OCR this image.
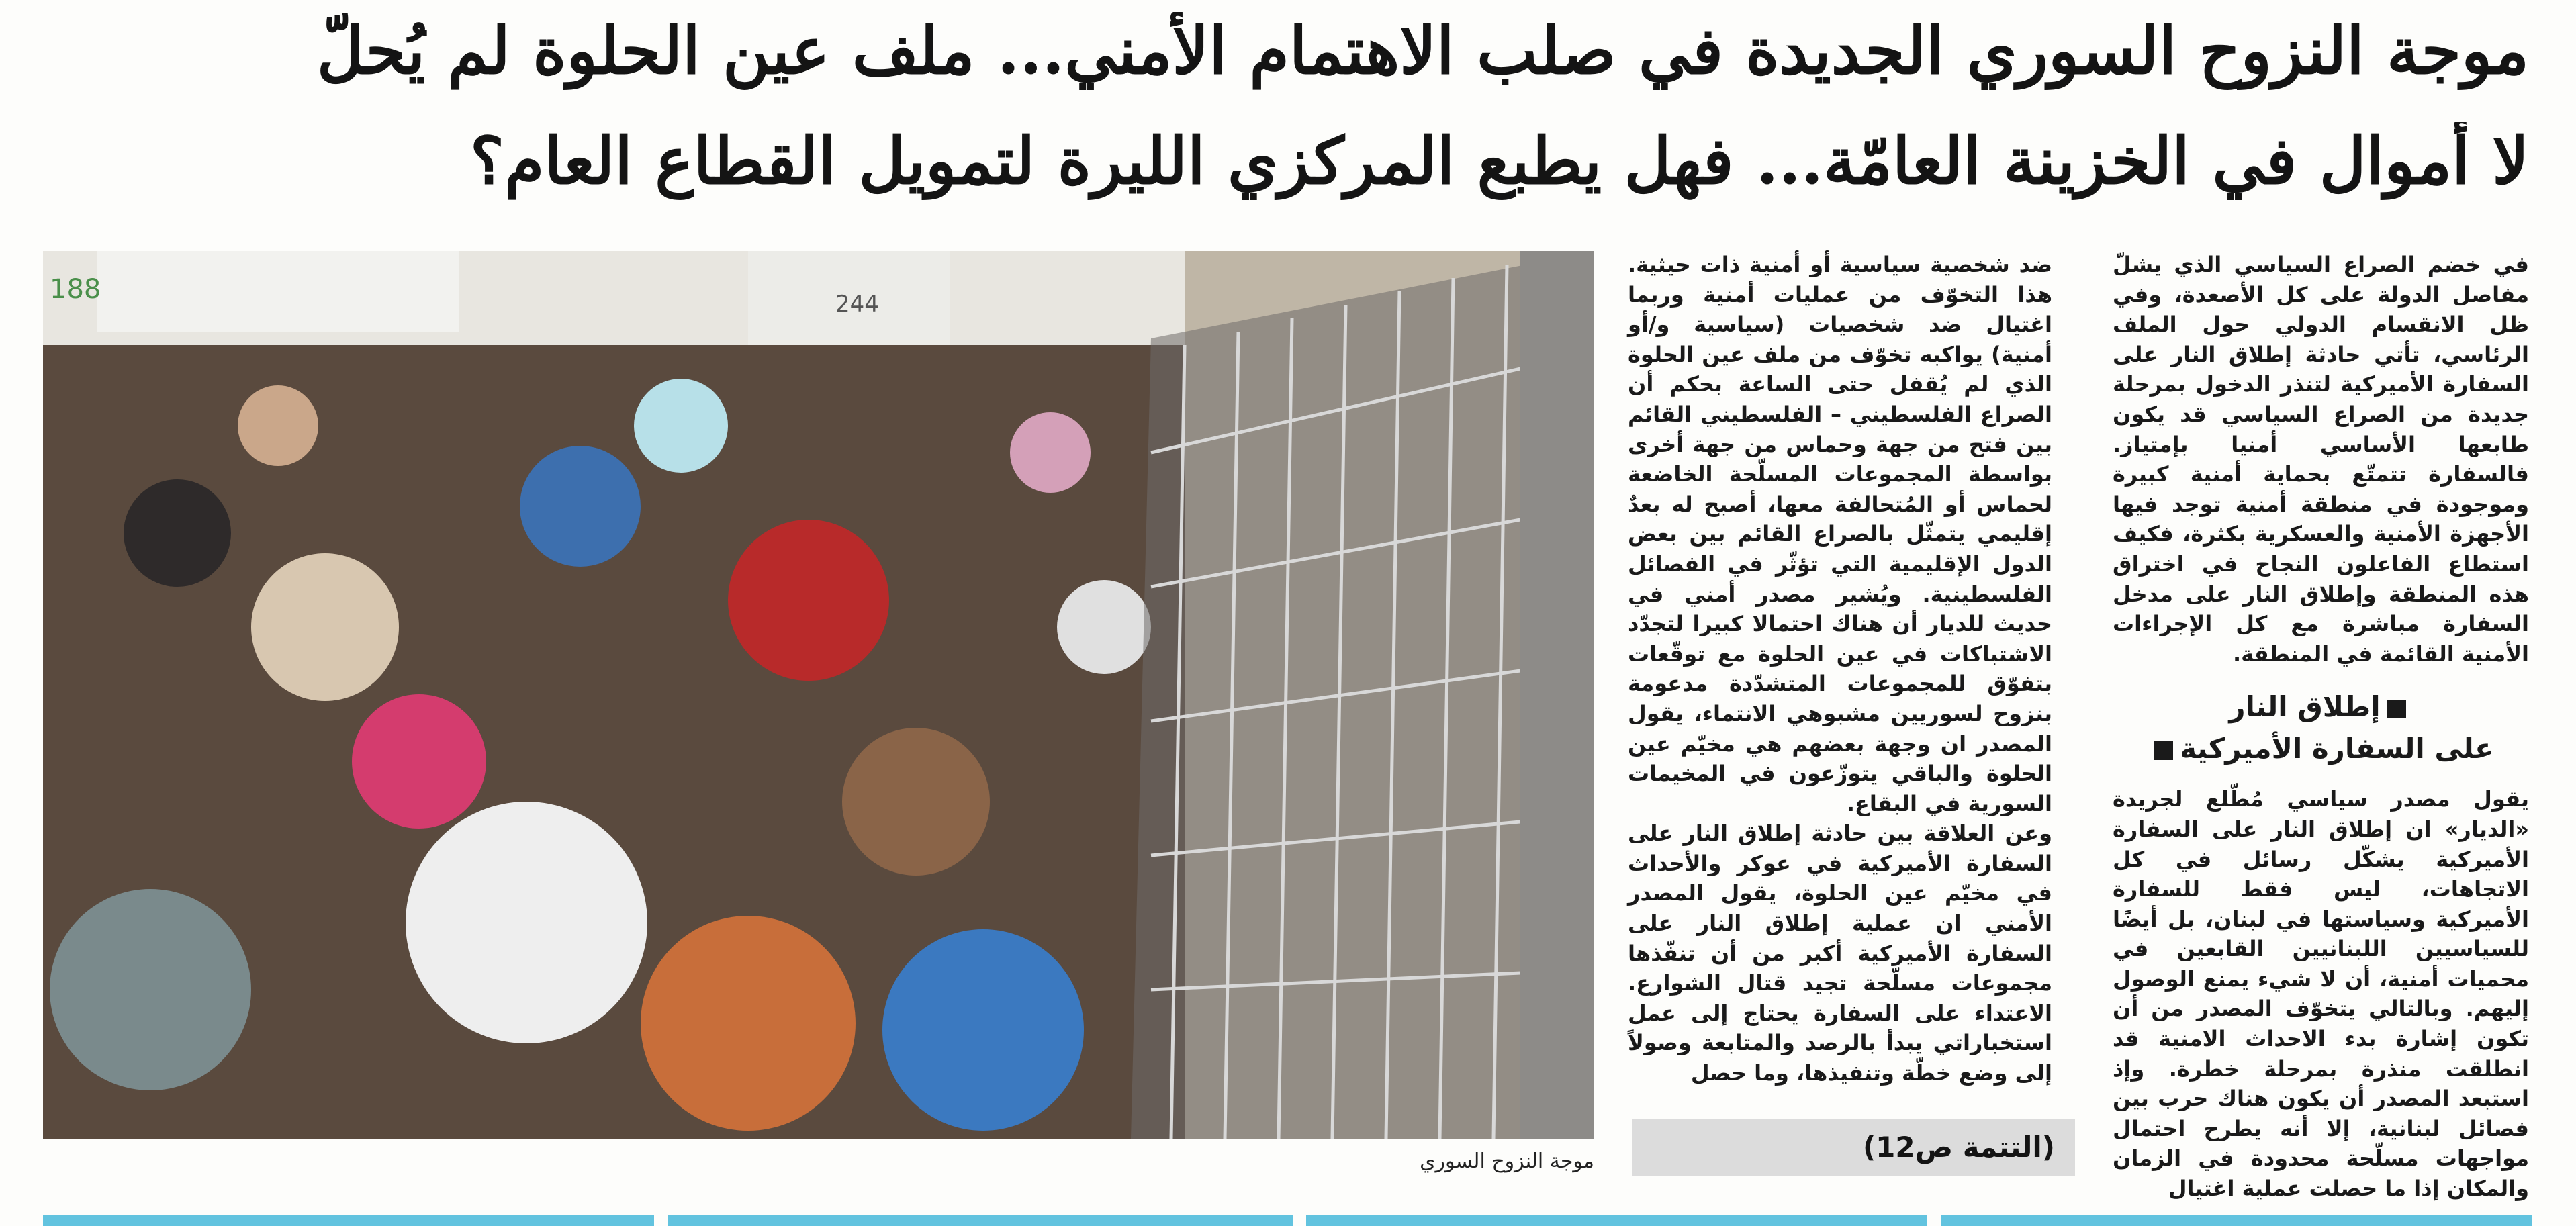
موجة النزوح السوري الجديدة في صلب الاهتمام الأمني... ملف عين الحلوة لم يُحلّ
لا أموال في الخزينة العامّة... فهل يطبع المركزي الليرة لتمويل القطاع العام؟

في خضم الصراع السياسي الذي يشلّ مفاصل الدولة على كل الأصعدة، وفي ظل الانقسام الدولي حول الملف الرئاسي، تأتي حادثة إطلاق النار على السفارة الأميركية لتنذر الدخول بمرحلة جديدة من الصراع السياسي قد يكون طابعها الأساسي أمنيا بإمتياز. فالسفارة تتمتّع بحماية أمنية كبيرة وموجودة في منطقة أمنية توجد فيها الأجهزة الأمنية والعسكرية بكثرة، فكيف استطاع الفاعلون النجاح في اختراق هذه المنطقة وإطلاق النار على مدخل السفارة مباشرة مع كل الإجراءات الأمنية القائمة في المنطقة.

إطلاق النار
على السفارة الأميركية

يقول مصدر سياسي مُطّلع لجريدة «الديار» ان إطلاق النار على السفارة الأميركية يشكّل رسائل في كل الاتجاهات، ليس فقط للسفارة الأميركية وسياستها في لبنان، بل أيضًا للسياسيين اللبنانيين القابعين في محميات أمنية، أن لا شيء يمنع الوصول إليهم. وبالتالي يتخوّف المصدر من أن تكون إشارة بدء الاحداث الامنية قد انطلقت منذرة بمرحلة خطرة. وإذ استبعد المصدر أن يكون هناك حرب بين فصائل لبنانية، إلا أنه يطرح احتمال مواجهات مسلّحة محدودة في الزمان والمكان إذا ما حصلت عملية اغتيال

ضد شخصية سياسية أو أمنية ذات حيثية. هذا التخوّف من عمليات أمنية وربما اغتيال ضد شخصيات (سياسية و/أو أمنية) يواكبه تخوّف من ملف عين الحلوة الذي لم يُقفل حتى الساعة بحكم أن الصراع الفلسطيني – الفلسطيني القائم بين فتح من جهة وحماس من جهة أخرى بواسطة المجموعات المسلّحة الخاضعة لحماس أو المُتحالفة معها، أصبح له بعدٌ إقليمي يتمثّل بالصراع القائم بين بعض الدول الإقليمية التي تؤثّر في الفصائل الفلسطينية. ويُشير مصدر أمني في حديث للديار أن هناك احتمالا كبيرا لتجدّد الاشتباكات في عين الحلوة مع توقّعات بتفوّق للمجموعات المتشدّدة مدعومة بنزوح لسوريين مشبوهي الانتماء، يقول المصدر ان وجهة بعضهم هي مخيّم عين الحلوة والباقي يتوزّعون في المخيمات السورية في البقاع.

وعن العلاقة بين حادثة إطلاق النار على السفارة الأميركية في عوكر والأحداث في مخيّم عين الحلوة، يقول المصدر الأمني ان عملية إطلاق النار على السفارة الأميركية أكبر من أن تنفّذها مجموعات مسلّحة تجيد قتال الشوارع. الاعتداء على السفارة يحتاج إلى عمل استخباراتي يبدأ بالرصد والمتابعة وصولاً إلى وضع خطّة وتنفيذها، وما حصل

244
188
موجة النزوح السوري	(التتمة ص12)
